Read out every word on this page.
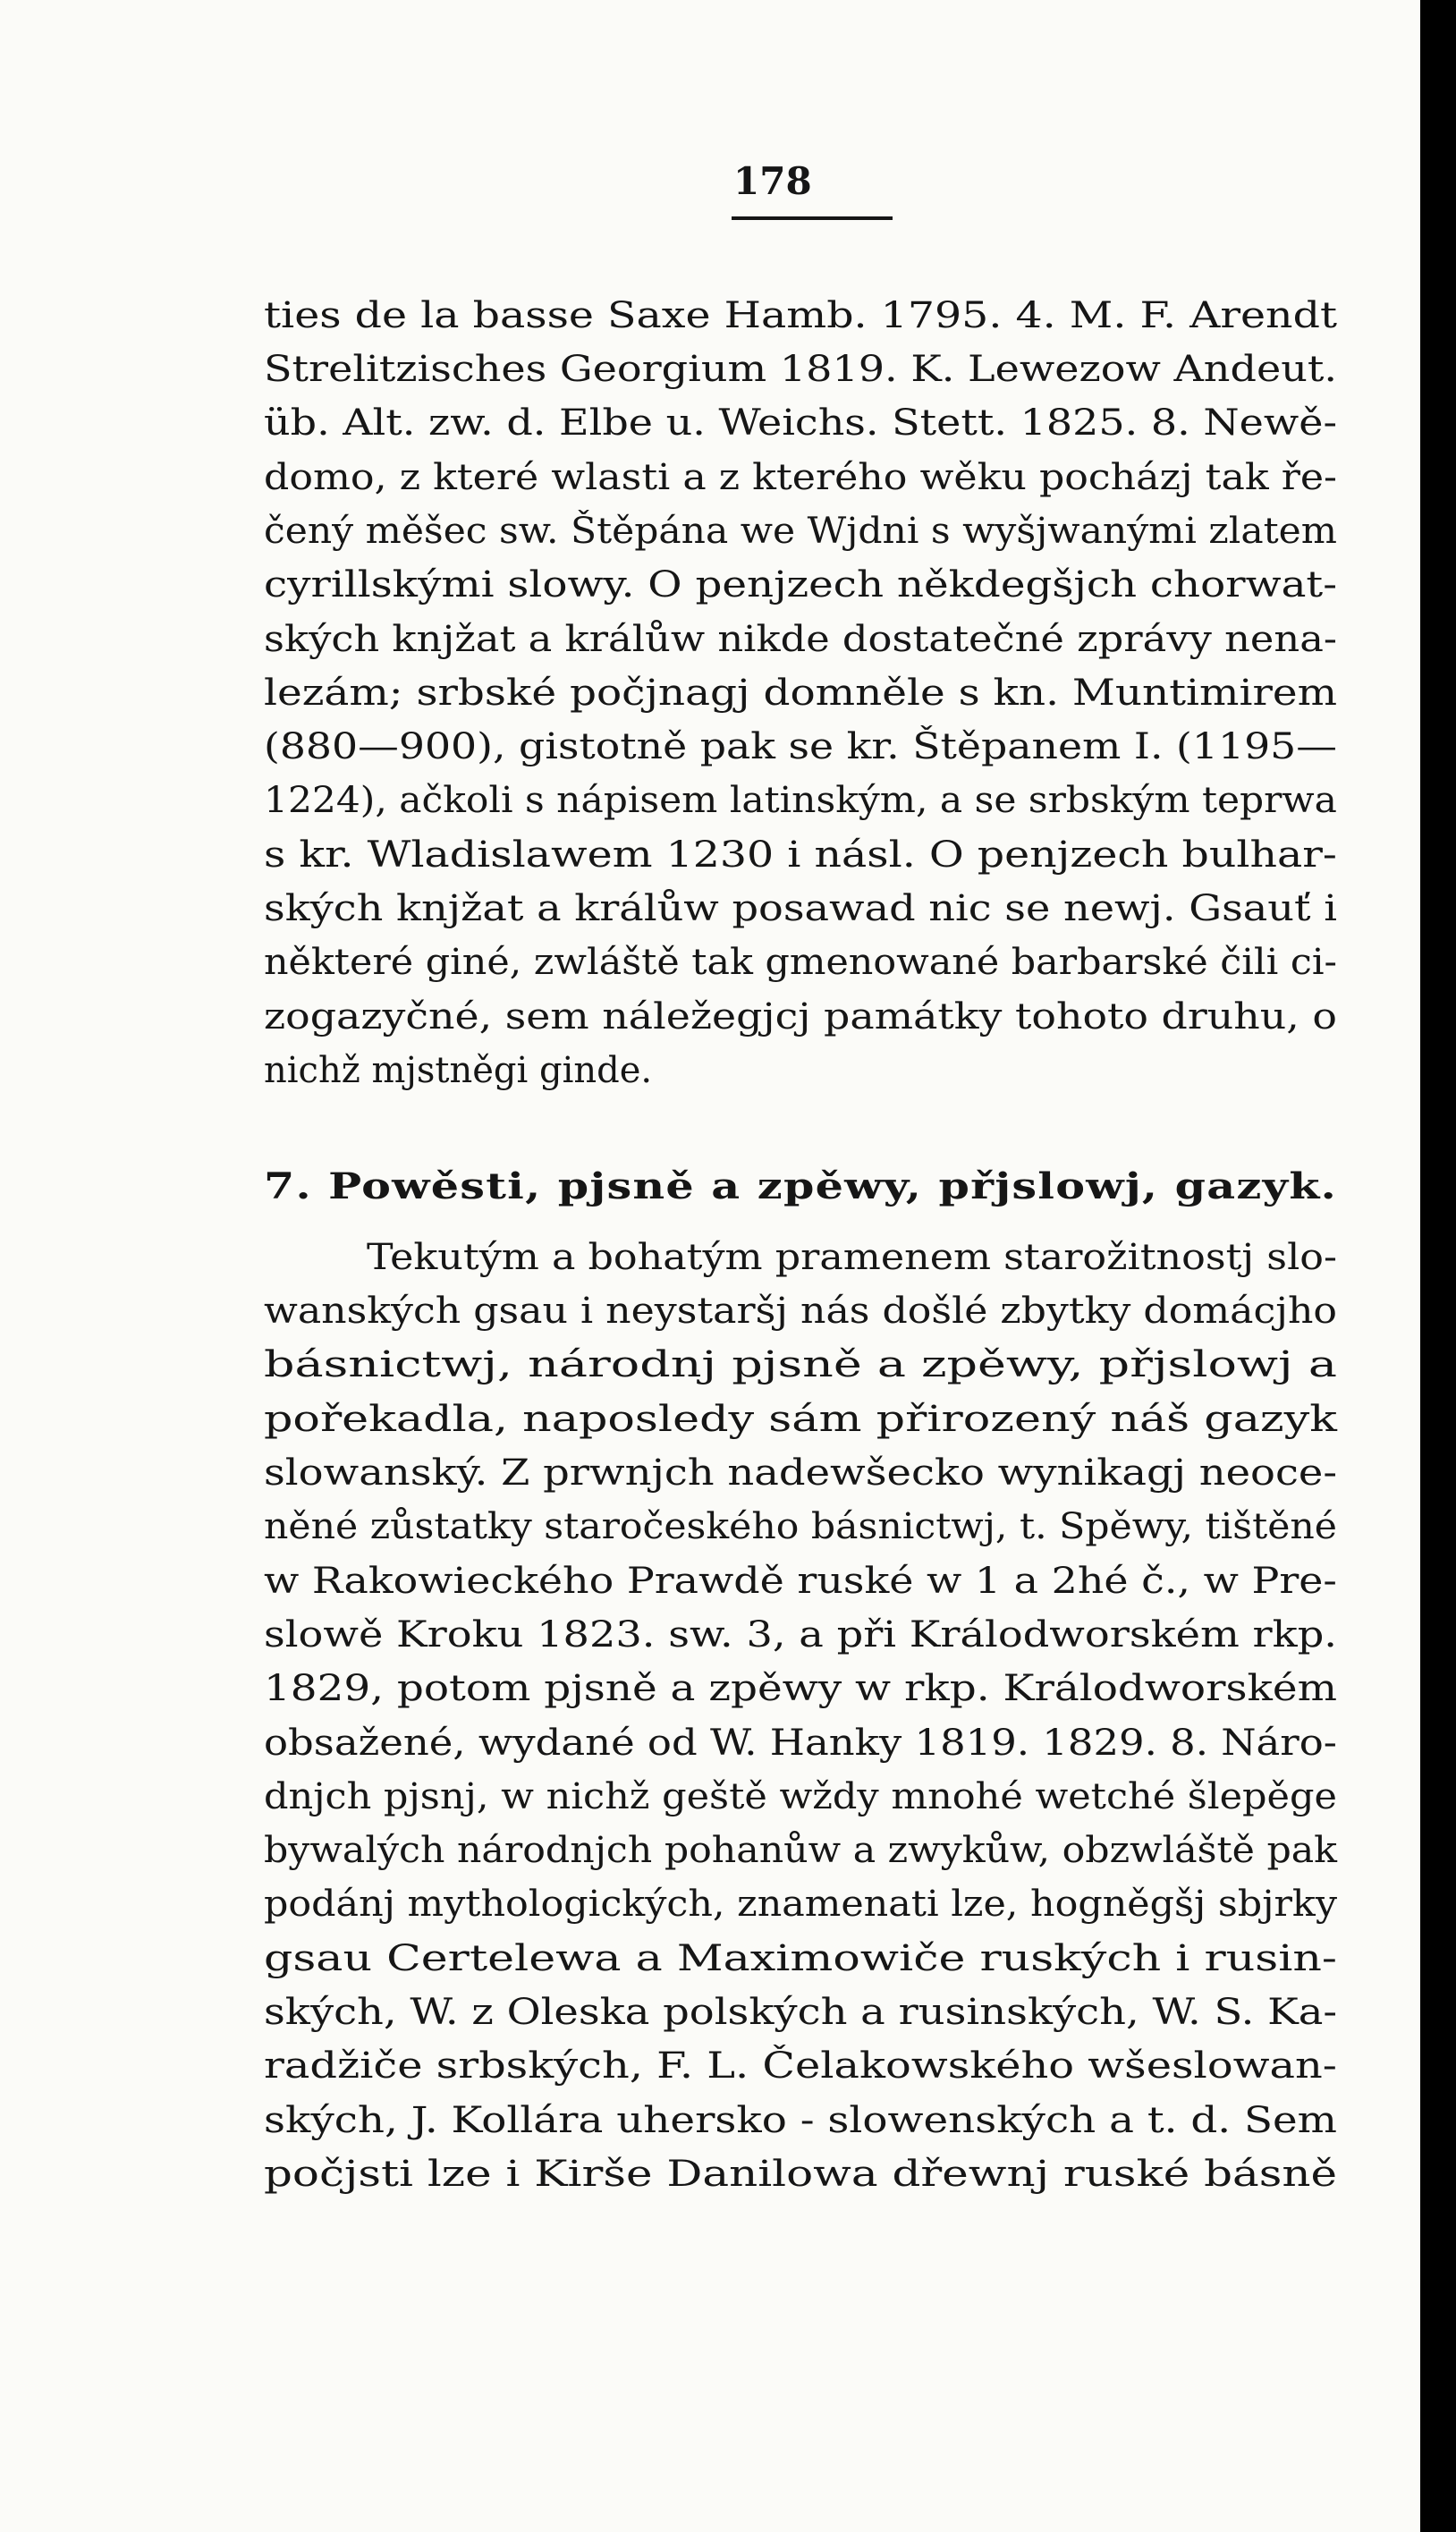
178
ties de la basse Saxe Hamb. 1795. 4. M. F. Arendt
Strelitzisches Georgium 1819. K. Lewezow Andeut.
üb. Alt. zw. d. Elbe u. Weichs. Stett. 1825. 8. Newě-
domo, z které wlasti a z kterého wěku pocházj tak ře-
čený měšec sw. Štěpána we Wjdni s wyšjwanými zlatem
cyrillskými slowy. O penjzech někdegšjch chorwat-
ských knjžat a králůw nikde dostatečné zprávy nena-
lezám; srbské počjnagj domněle s kn. Muntimirem
(880—900), gistotně pak se kr. Štěpanem I. (1195—
1224), ačkoli s nápisem latinským, a se srbským teprwa
s kr. Wladislawem 1230 i násl. O penjzech bulhar-
ských knjžat a králůw posawad nic se newj. Gsauť i
některé giné, zwláště tak gmenowané barbarské čili ci-
zogazyčné, sem náležegjcj památky tohoto druhu, o
nichž mjstněgi ginde.
7. Powěsti, pjsně a zpěwy, přjslowj, gazyk.
Tekutým a bohatým pramenem starožitnostj slo-
wanských gsau i neystaršj nás došlé zbytky domácjho
básnictwj, národnj pjsně a zpěwy, přjslowj a
pořekadla, naposledy sám přirozený náš gazyk
slowanský. Z prwnjch nadewšecko wynikagj neoce-
něné zůstatky staročeského básnictwj, t. Spěwy, tištěné
w Rakowieckého Prawdě ruské w 1 a 2hé č., w Pre-
slowě Kroku 1823. sw. 3, a při Králodworském rkp.
1829, potom pjsně a zpěwy w rkp. Králodworském
obsažené, wydané od W. Hanky 1819. 1829. 8. Náro-
dnjch pjsnj, w nichž geště wždy mnohé wetché šlepěge
bywalých národnjch pohanůw a zwykůw, obzwláště pak
podánj mythologických, znamenati lze, hogněgšj sbjrky
gsau Certelewa a Maximowiče ruských i rusin-
ských, W. z Oleska polských a rusinských, W. S. Ka-
radžiče srbských, F. L. Čelakowského wšeslowan-
ských, J. Kollára uhersko - slowenských a t. d. Sem
počjsti lze i Kirše Danilowa dřewnj ruské básně
